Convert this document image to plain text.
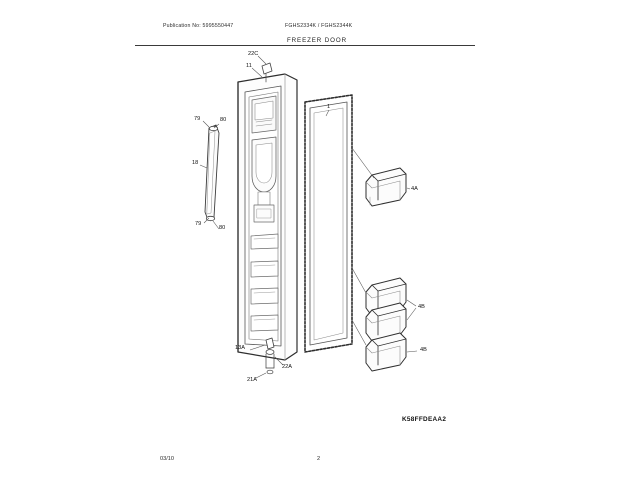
Publication No: 5995550447	FGHS2334K / FGHS2344K
FREEZER DOOR
22C
11
1
79	80
18
79
80
4A
4B
4B
13A
22A
21A
K58FFDEAA2
03/10	2
